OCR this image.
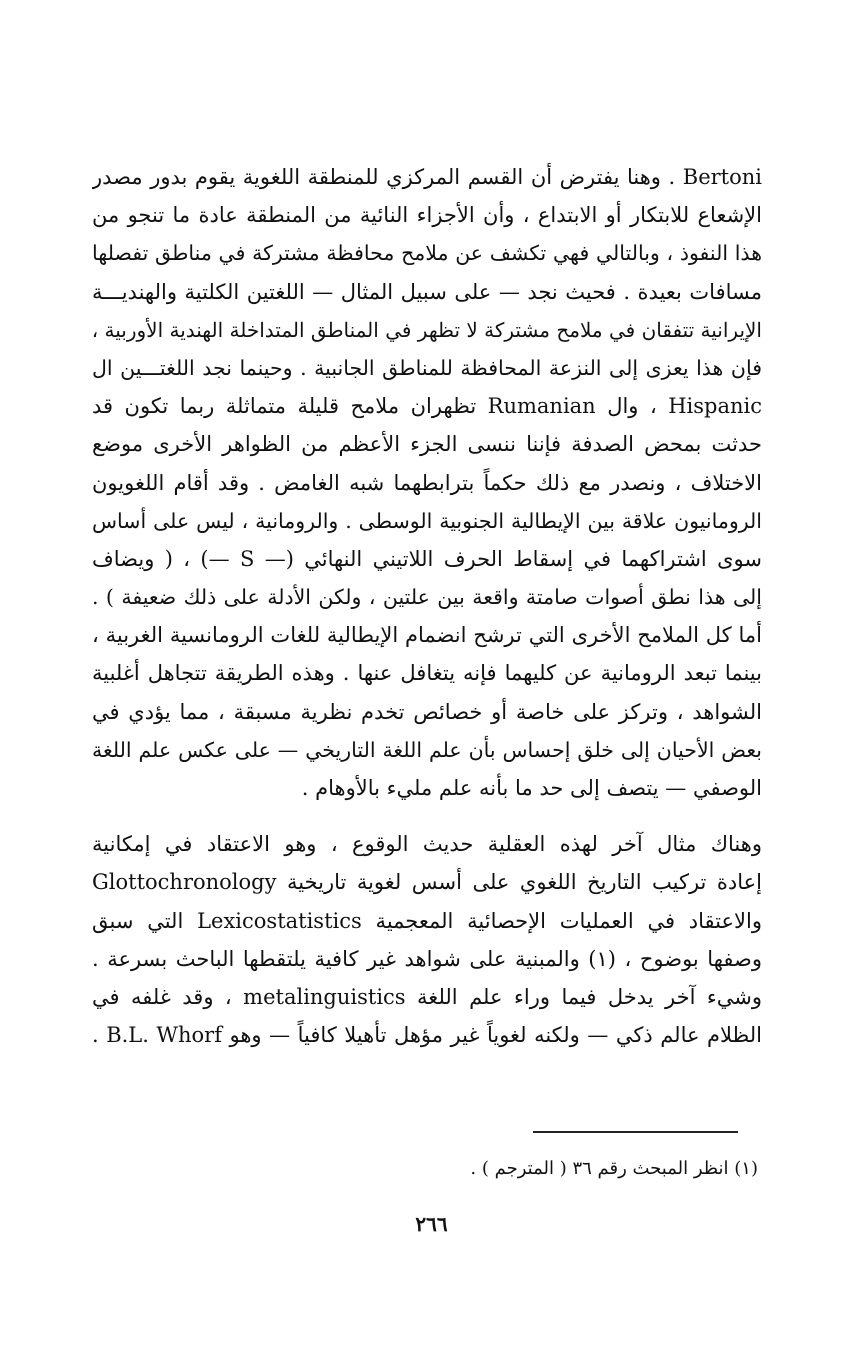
Bertoni . وهنا يفترض أن القسم المركزي للمنطقة اللغوية يقوم بدور مصدر
الإشعاع للابتكار أو الابتداع ، وأن الأجزاء النائية من المنطقة عادة ما تنجو من
هذا النفوذ ، وبالتالي فهي تكشف عن ملامح محافظة مشتركة في مناطق تفصلها
مسافات بعيدة . فحيث نجد — على سبيل المثال — اللغتين الكلتية والهنديـــة
الإيرانية تتفقان في ملامح مشتركة لا تظهر في المناطق المتداخلة الهندية الأوربية ،
فإن هذا يعزى إلى النزعة المحافظة للمناطق الجانبية . وحينما نجد اللغتـــين ال
Hispanic ، وال Rumanian تظهران ملامح قليلة متماثلة ربما تكون قد
حدثت بمحض الصدفة فإننا ننسى الجزء الأعظم من الظواهر الأخرى موضع
الاختلاف ، ونصدر مع ذلك حكماً بترابطهما شبه الغامض . وقد أقام اللغويون
الرومانيون علاقة بين الإيطالية الجنوبية الوسطى . والرومانية ، ليس على أساس
سوى اشتراكهما في إسقاط الحرف اللاتيني النهائي (— S —) ، ( ويضاف
إلى هذا نطق أصوات صامتة واقعة بين علتين ، ولكن الأدلة على ذلك ضعيفة ) .
أما كل الملامح الأخرى التي ترشح انضمام الإيطالية للغات الرومانسية الغربية ،
بينما تبعد الرومانية عن كليهما فإنه يتغافل عنها . وهذه الطريقة تتجاهل أغلبية
الشواهد ، وتركز على خاصة أو خصائص تخدم نظرية مسبقة ، مما يؤدي في
بعض الأحيان إلى خلق إحساس بأن علم اللغة التاريخي — على عكس علم اللغة
الوصفي — يتصف إلى حد ما بأنه علم مليء بالأوهام .
وهناك مثال آخر لهذه العقلية حديث الوقوع ، وهو الاعتقاد في إمكانية
إعادة تركيب التاريخ اللغوي على أسس لغوية تاريخية Glottochronology
والاعتقاد في العمليات الإحصائية المعجمية Lexicostatistics التي سبق
وصفها بوضوح ، (١) والمبنية على شواهد غير كافية يلتقطها الباحث بسرعة .
وشيء آخر يدخل فيما وراء علم اللغة metalinguistics ، وقد غلفه في
الظلام عالم ذكي — ولكنه لغوياً غير مؤهل تأهيلا كافياً — وهو B.L. Whorf .
(١) انظر المبحث رقم ٣٦ ( المترجم ) .
٢٦٦
